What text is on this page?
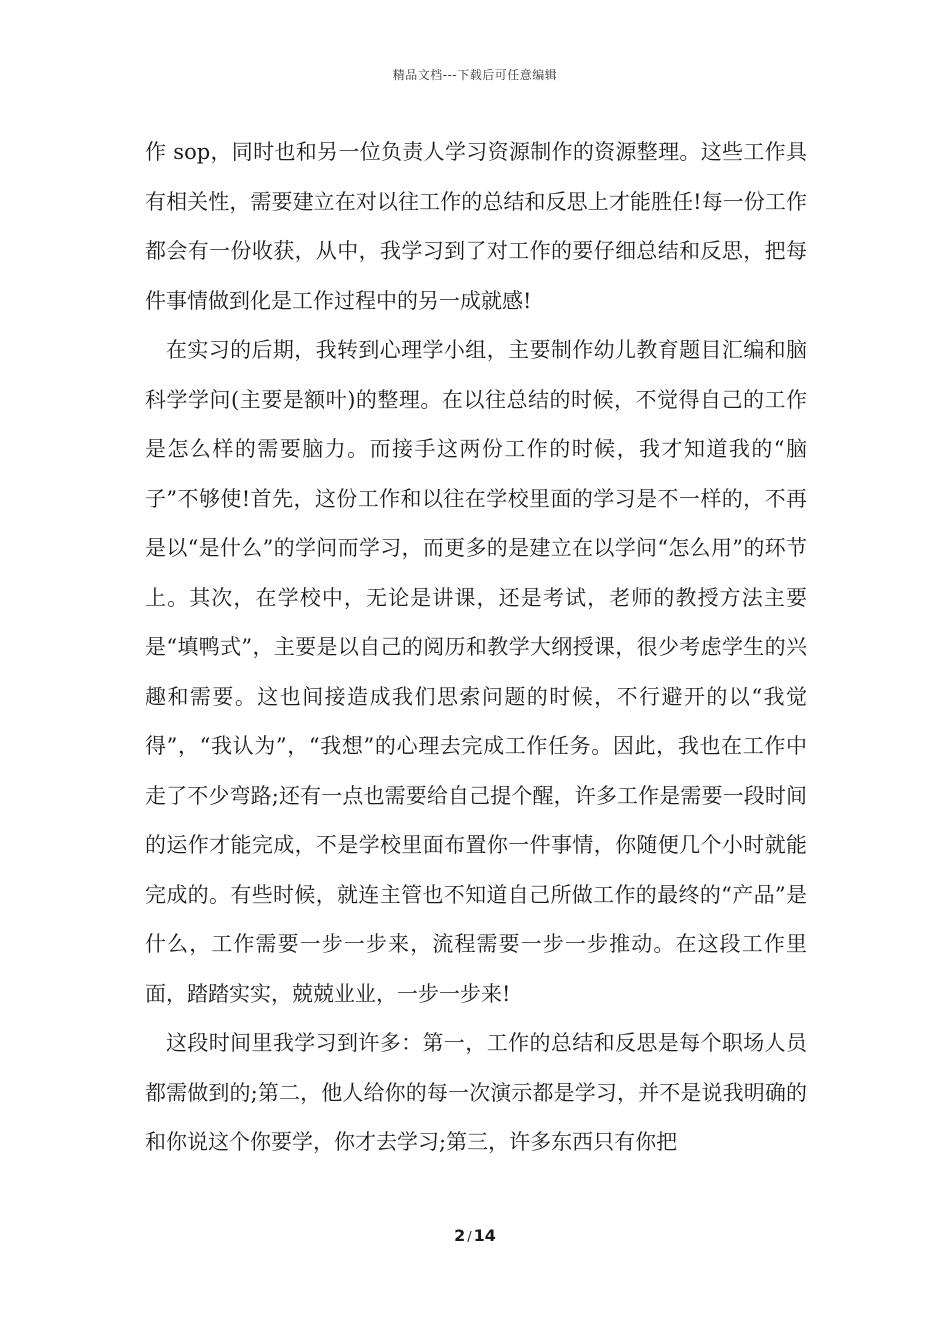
精品文档---下载后可任意编辑

作 sop，同时也和另一位负责人学习资源制作的资源整理。这些工作具有相关性，需要建立在对以往工作的总结和反思上才能胜任!每一份工作都会有一份收获，从中，我学习到了对工作的要仔细总结和反思，把每件事情做到化是工作过程中的另一成就感!

在实习的后期，我转到心理学小组，主要制作幼儿教育题目汇编和脑科学学问(主要是额叶)的整理。在以往总结的时候，不觉得自己的工作是怎么样的需要脑力。而接手这两份工作的时候，我才知道我的“脑子”不够使!首先，这份工作和以往在学校里面的学习是不一样的，不再是以“是什么”的学问而学习，而更多的是建立在以学问“怎么用”的环节上。其次，在学校中，无论是讲课，还是考试，老师的教授方法主要是“填鸭式”，主要是以自己的阅历和教学大纲授课，很少考虑学生的兴趣和需要。这也间接造成我们思索问题的时候，不行避开的以“我觉得”，“我认为”，“我想”的心理去完成工作任务。因此，我也在工作中走了不少弯路;还有一点也需要给自己提个醒，许多工作是需要一段时间的运作才能完成，不是学校里面布置你一件事情，你随便几个小时就能完成的。有些时候，就连主管也不知道自己所做工作的最终的“产品”是什么，工作需要一步一步来，流程需要一步一步推动。在这段工作里面，踏踏实实，兢兢业业，一步一步来!

这段时间里我学习到许多：第一，工作的总结和反思是每个职场人员都需做到的;第二，他人给你的每一次演示都是学习，并不是说我明确的和你说这个你要学，你才去学习;第三，许多东西只有你把

2 / 14
